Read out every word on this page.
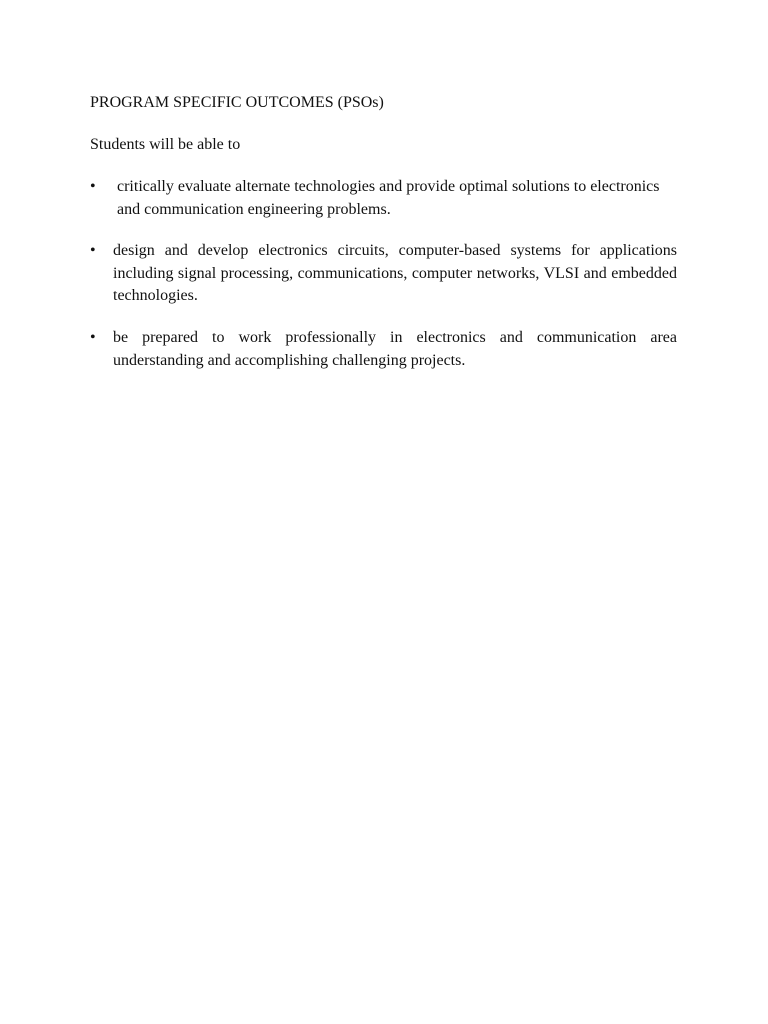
PROGRAM SPECIFIC OUTCOMES (PSOs)

Students will be able to

• critically evaluate alternate technologies and provide optimal solutions to electronics and communication engineering problems.

• design and develop electronics circuits, computer-based systems for applications including signal processing, communications, computer networks, VLSI and embedded technologies.

• be prepared to work professionally in electronics and communication area understanding and accomplishing challenging projects.
